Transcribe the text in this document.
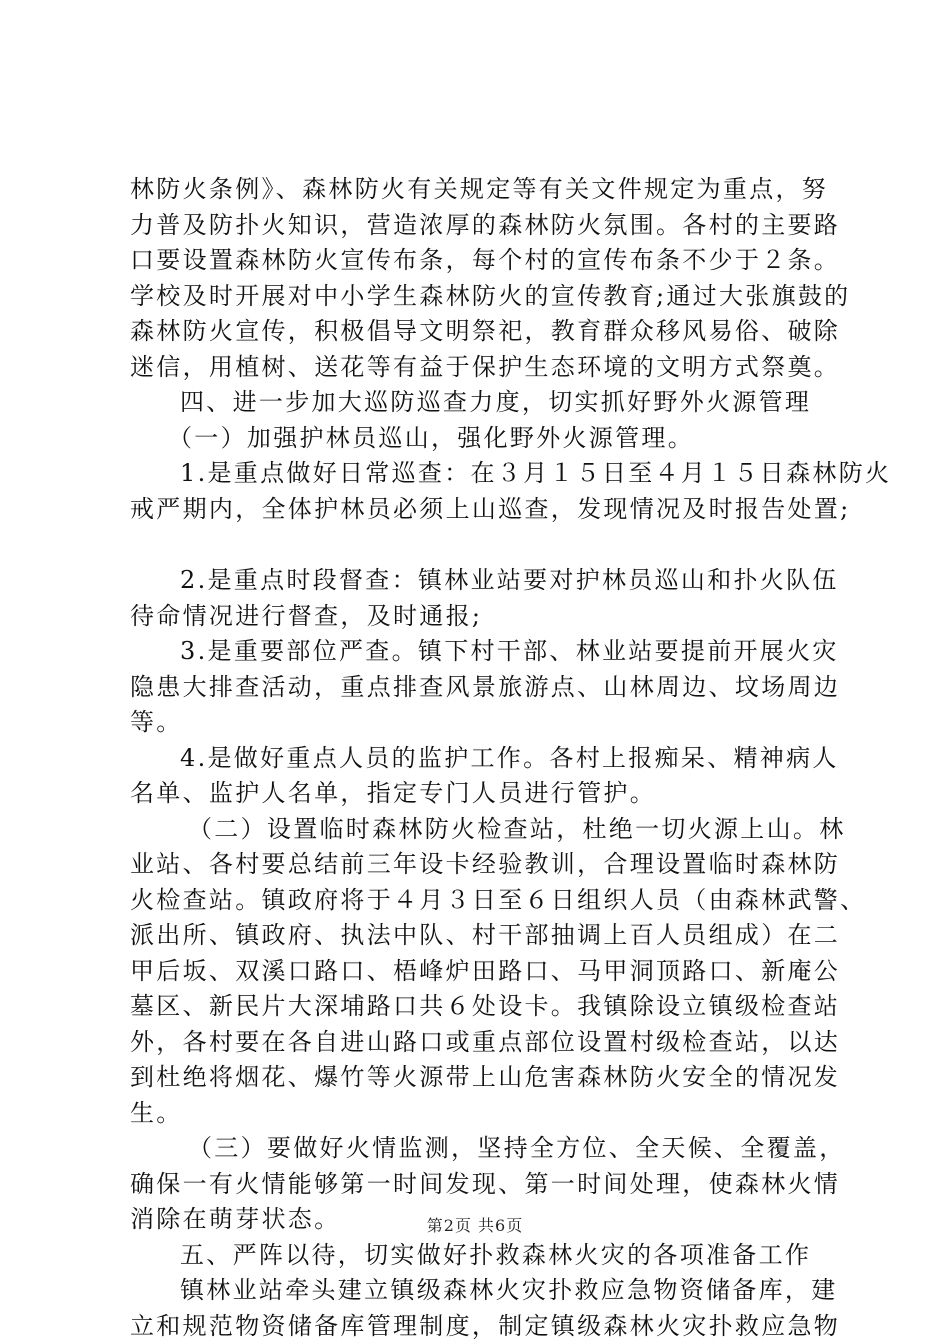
林防火条例》、森林防火有关规定等有关文件规定为重点，努
力普及防扑火知识，营造浓厚的森林防火氛围。各村的主要路
口要设置森林防火宣传布条，每个村的宣传布条不少于２条。
学校及时开展对中小学生森林防火的宣传教育;通过大张旗鼓的
森林防火宣传，积极倡导文明祭祀，教育群众移风易俗、破除
迷信，用植树、送花等有益于保护生态环境的文明方式祭奠。
四、进一步加大巡防巡查力度，切实抓好野外火源管理
（一）加强护林员巡山，强化野外火源管理。
1.是重点做好日常巡查：在３月１５日至４月１５日森林防火
戒严期内，全体护林员必须上山巡查，发现情况及时报告处置;
2.是重点时段督查：镇林业站要对护林员巡山和扑火队伍
待命情况进行督查，及时通报;
3.是重要部位严查。镇下村干部、林业站要提前开展火灾
隐患大排查活动，重点排查风景旅游点、山林周边、坟场周边
等。
4.是做好重点人员的监护工作。各村上报痴呆、精神病人
名单、监护人名单，指定专门人员进行管护。
（二）设置临时森林防火检查站，杜绝一切火源上山。林
业站、各村要总结前三年设卡经验教训，合理设置临时森林防
火检查站。镇政府将于４月３日至６日组织人员（由森林武警、
派出所、镇政府、执法中队、村干部抽调上百人员组成）在二
甲后坂、双溪口路口、梧峰炉田路口、马甲洞顶路口、新庵公
墓区、新民片大深埔路口共６处设卡。我镇除设立镇级检查站
外，各村要在各自进山路口或重点部位设置村级检查站，以达
到杜绝将烟花、爆竹等火源带上山危害森林防火安全的情况发
生。
（三）要做好火情监测，坚持全方位、全天候、全覆盖，
确保一有火情能够第一时间发现、第一时间处理，使森林火情
消除在萌芽状态。
五、严阵以待，切实做好扑救森林火灾的各项准备工作
镇林业站牵头建立镇级森林火灾扑救应急物资储备库，建
立和规范物资储备库管理制度，制定镇级森林火灾扑救应急物
第2页 共6页
